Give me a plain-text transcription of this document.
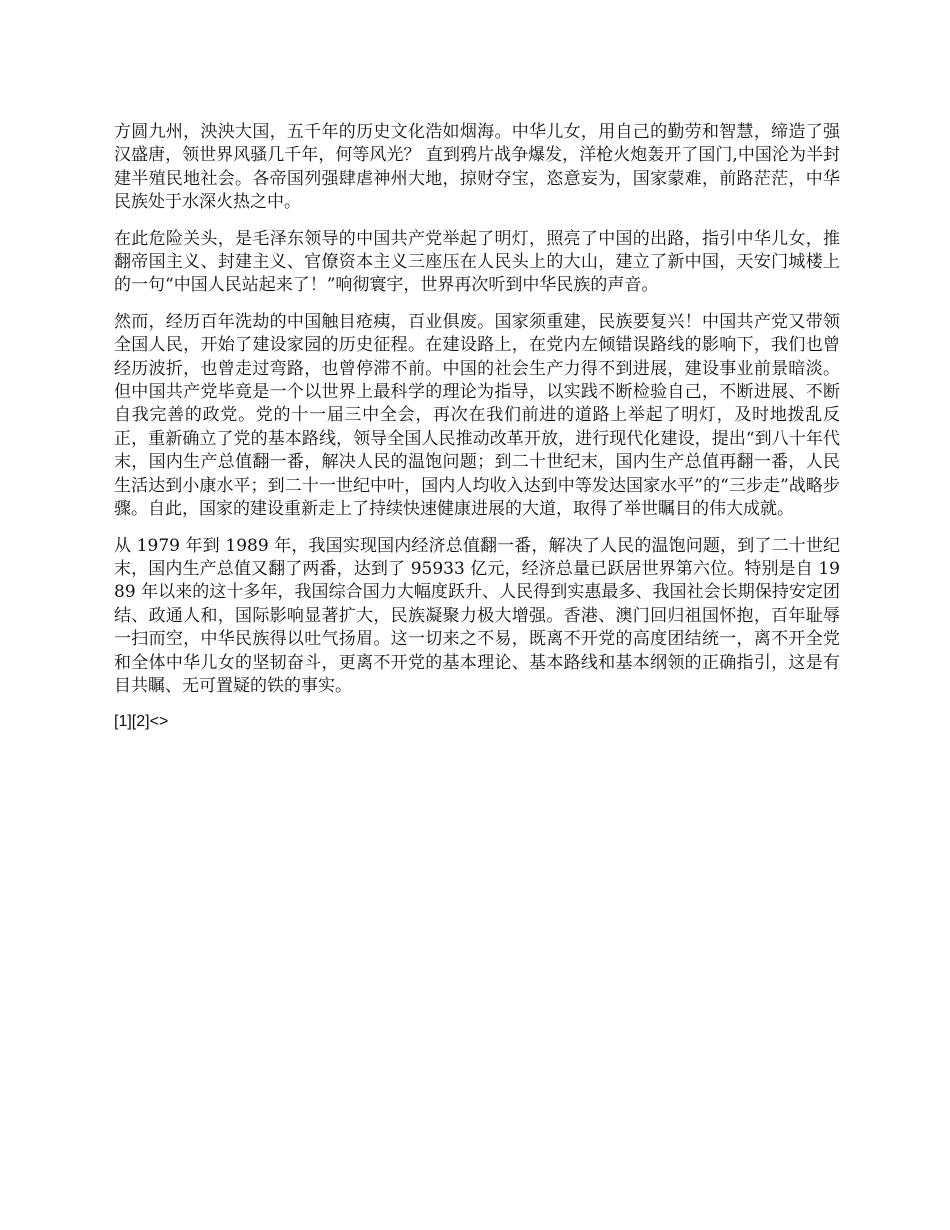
方圆九州，泱泱大国，五千年的历史文化浩如烟海。中华儿女，用自己的勤劳和智慧，缔造了强汉盛唐，领世界风骚几千年，何等风光？ 直到鸦片战争爆发，洋枪火炮轰开了国门,中国沦为半封建半殖民地社会。各帝国列强肆虐神州大地，掠财夺宝，恣意妄为，国家蒙难，前路茫茫，中华民族处于水深火热之中。

在此危险关头，是毛泽东领导的中国共产党举起了明灯，照亮了中国的出路，指引中华儿女，推翻帝国主义、封建主义、官僚资本主义三座压在人民头上的大山，建立了新中国，天安门城楼上的一句“中国人民站起来了！”响彻寰宇，世界再次听到中华民族的声音。

然而，经历百年洗劫的中国触目疮痍，百业俱废。国家须重建，民族要复兴！中国共产党又带领全国人民，开始了建设家园的历史征程。在建设路上，在党内左倾错误路线的影响下，我们也曾经历波折，也曾走过弯路，也曾停滞不前。中国的社会生产力得不到进展，建设事业前景暗淡。但中国共产党毕竟是一个以世界上最科学的理论为指导，以实践不断检验自己，不断进展、不断自我完善的政党。党的十一届三中全会，再次在我们前进的道路上举起了明灯，及时地拨乱反正，重新确立了党的基本路线，领导全国人民推动改革开放，进行现代化建设，提出“到八十年代末，国内生产总值翻一番，解决人民的温饱问题；到二十世纪末，国内生产总值再翻一番，人民生活达到小康水平；到二十一世纪中叶，国内人均收入达到中等发达国家水平”的“三步走”战略步骤。自此，国家的建设重新走上了持续快速健康进展的大道，取得了举世瞩目的伟大成就。

从 1979 年到 1989 年，我国实现国内经济总值翻一番，解决了人民的温饱问题，到了二十世纪末，国内生产总值又翻了两番，达到了 95933 亿元，经济总量已跃居世界第六位。特别是自 1989 年以来的这十多年，我国综合国力大幅度跃升、人民得到实惠最多、我国社会长期保持安定团结、政通人和，国际影响显著扩大，民族凝聚力极大增强。香港、澳门回归祖国怀抱，百年耻辱一扫而空，中华民族得以吐气扬眉。这一切来之不易，既离不开党的高度团结统一，离不开全党和全体中华儿女的坚韧奋斗，更离不开党的基本理论、基本路线和基本纲领的正确指引，这是有目共瞩、无可置疑的铁的事实。

[1][2]<>
